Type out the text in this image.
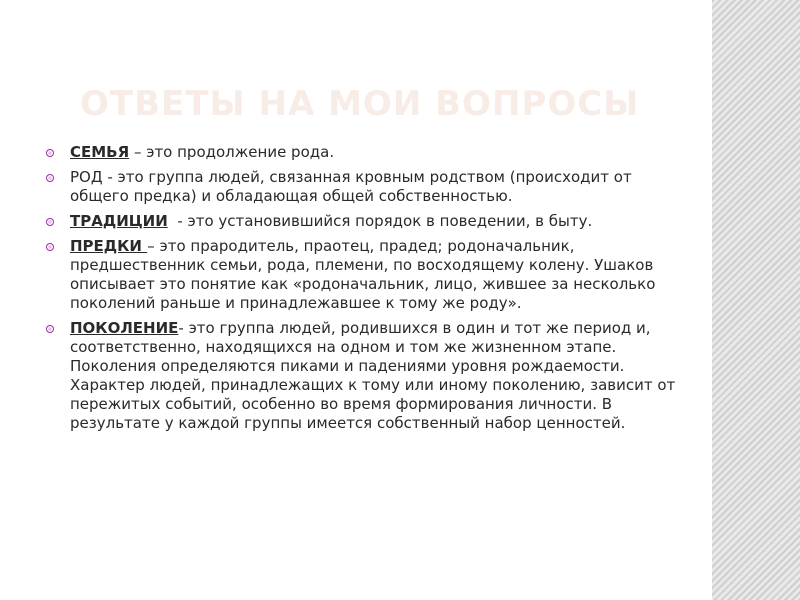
ОТВЕТЫ НА МОИ ВОПРОСЫ
СЕМЬЯ – это продолжение рода.
РОД - это группа людей, связанная кровным родством (происходит от общего предка) и обладающая общей собственностью.
ТРАДИЦИИ  - это установившийся порядок в поведении, в быту.
ПРЕДКИ – это прародитель, праотец, прадед; родоначальник, предшественник семьи, рода, племени, по восходящему колену. Ушаков описывает это понятие как «родоначальник, лицо, жившее за несколько поколений раньше и принадлежавшее к тому же роду».
ПОКОЛЕНИЕ- это группа людей, родившихся в один и тот же период и, соответственно, находящихся на одном и том же жизненном этапе. Поколения определяются пиками и падениями уровня рождаемости. Характер людей, принадлежащих к тому или иному поколению, зависит от пережитых событий, особенно во время формирования личности. В результате у каждой группы имеется собственный набор ценностей.
